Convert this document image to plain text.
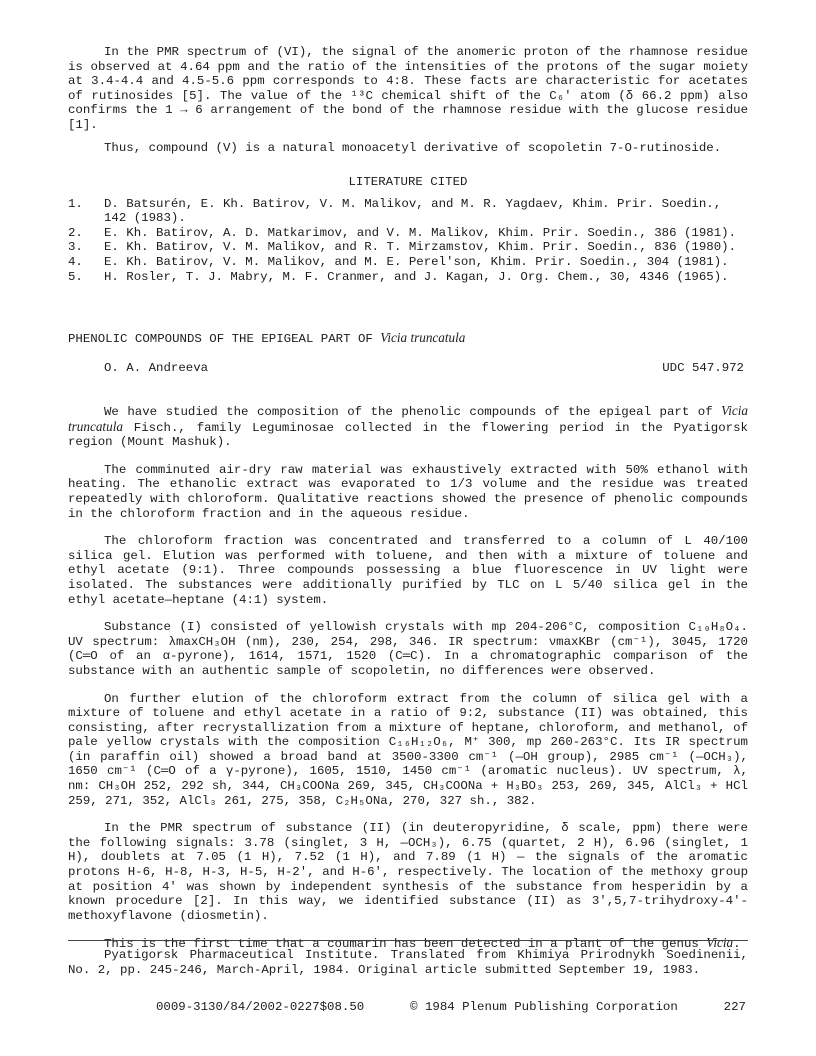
In the PMR spectrum of (VI), the signal of the anomeric proton of the rhamnose residue is observed at 4.64 ppm and the ratio of the intensities of the protons of the sugar moiety at 3.4-4.4 and 4.5-5.6 ppm corresponds to 4:8. These facts are characteristic for acetates of rutinosides [5]. The value of the ¹³C chemical shift of the C₆' atom (δ 66.2 ppm) also confirms the 1 → 6 arrangement of the bond of the rhamnose residue with the glucose residue [1].

Thus, compound (V) is a natural monoacetyl derivative of scopoletin 7-O-rutinoside.

LITERATURE CITED
1. D. Batsurén, E. Kh. Batirov, V. M. Malikov, and M. R. Yagdaev, Khim. Prir. Soedin., 142 (1983).
2. E. Kh. Batirov, A. D. Matkarimov, and V. M. Malikov, Khim. Prir. Soedin., 386 (1981).
3. E. Kh. Batirov, V. M. Malikov, and R. T. Mirzamstov, Khim. Prir. Soedin., 836 (1980).
4. E. Kh. Batirov, V. M. Malikov, and M. E. Perel'son, Khim. Prir. Soedin., 304 (1981).
5. H. Rosler, T. J. Mabry, M. F. Cranmer, and J. Kagan, J. Org. Chem., 30, 4346 (1965).
PHENOLIC COMPOUNDS OF THE EPIGEAL PART OF Vicia truncatula
O. A. Andreeva	UDC 547.972

We have studied the composition of the phenolic compounds of the epigeal part of Vicia truncatula Fisch., family Leguminosae collected in the flowering period in the Pyatigorsk region (Mount Mashuk).

The comminuted air-dry raw material was exhaustively extracted with 50% ethanol with heating. The ethanolic extract was evaporated to 1/3 volume and the residue was treated repeatedly with chloroform. Qualitative reactions showed the presence of phenolic compounds in the chloroform fraction and in the aqueous residue.

The chloroform fraction was concentrated and transferred to a column of L 40/100 silica gel. Elution was performed with toluene, and then with a mixture of toluene and ethyl acetate (9:1). Three compounds possessing a blue fluorescence in UV light were isolated. The substances were additionally purified by TLC on L 5/40 silica gel in the ethyl acetate—heptane (4:1) system.

Substance (I) consisted of yellowish crystals with mp 204-206°C, composition C₁₀H₈O₄. UV spectrum: λmaxCH₃OH (nm), 230, 254, 298, 346. IR spectrum: νmaxKBr (cm⁻¹), 3045, 1720 (C═O of an α-pyrone), 1614, 1571, 1520 (C═C). In a chromatographic comparison of the substance with an authentic sample of scopoletin, no differences were observed.

On further elution of the chloroform extract from the column of silica gel with a mixture of toluene and ethyl acetate in a ratio of 9:2, substance (II) was obtained, this consisting, after recrystallization from a mixture of heptane, chloroform, and methanol, of pale yellow crystals with the composition C₁₆H₁₂O₆, M⁺ 300, mp 260-263°C. Its IR spectrum (in paraffin oil) showed a broad band at 3500-3300 cm⁻¹ (—OH group), 2985 cm⁻¹ (—OCH₃), 1650 cm⁻¹ (C═O of a γ-pyrone), 1605, 1510, 1450 cm⁻¹ (aromatic nucleus). UV spectrum, λ, nm: CH₃OH 252, 292 sh, 344, CH₃COONa 269, 345, CH₃COONa + H₃BO₃ 253, 269, 345, AlCl₃ + HCl 259, 271, 352, AlCl₃ 261, 275, 358, C₂H₅ONa, 270, 327 sh., 382.

In the PMR spectrum of substance (II) (in deuteropyridine, δ scale, ppm) there were the following signals: 3.78 (singlet, 3 H, —OCH₃), 6.75 (quartet, 2 H), 6.96 (singlet, 1 H), doublets at 7.05 (1 H), 7.52 (1 H), and 7.89 (1 H) — the signals of the aromatic protons H-6, H-8, H-3, H-5, H-2', and H-6', respectively. The location of the methoxy group at position 4' was shown by independent synthesis of the substance from hesperidin by a known procedure [2]. In this way, we identified substance (II) as 3',5,7-trihydroxy-4'-methoxyflavone (diosmetin).

This is the first time that a coumarin has been detected in a plant of the genus Vicia.

Pyatigorsk Pharmaceutical Institute. Translated from Khimiya Prirodnykh Soedinenii, No. 2, pp. 245-246, March-April, 1984. Original article submitted September 19, 1983.

0009-3130/84/2002-0227$08.50	© 1984 Plenum Publishing Corporation	227
